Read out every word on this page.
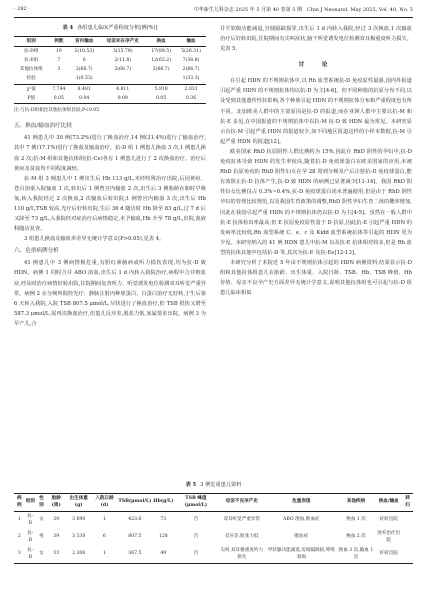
· 282 ·	中华新生儿科杂志 2025 年 5 月第 40 卷第 5 期　Chin J Neonatol, May 2025, Vol. 40, No. 5
表 4 各组患儿临床严重程度分析[例(%)]
组别	例数	宫内输血	母亲未在孕产史	换血	输血
抗-D组	19	2(10.53)	3(15.79)	17(89.5)	5(26.31)
抗-E组	7	0	2(11.8)	12(63.2)	7(36.8)
其他抗体组	3	2(66.7)	2(66.7)	2(66.7)	2(66.7)
检验		1(0.53)			1(33.3)
χ²值	7.744	8.481	4.811	5.918	2.031
P值	0.05	0.04	0.09	0.05	0.36
注:与抗-D组相比其他抗体组比较,P<0.05
五、换血/输血治疗比较

41 例患儿中 30 例(73.2%)进行了换血治疗,14 例(31.4%)进行了输血治疗,其中 7 例(17.1%)进行了换血及输血治疗。抗-D 组 1 例患儿换血 3 次,1 例患儿换血 2 次;抗-M 组和其他抗体组(抗-Ce)各有 1 例患儿进行了 2 次换血治疗。治疗后黄疸及贫血均不同程度减轻。

抗-M 组 3 例患儿中 1 例出生后 Hb 113 g/L,未经特殊治疗出院,后因黄疸、苍白加重入院输血 1 次,转出后 1 例曾宫内输血 2 次,出生后 3 例胎龄在胎时早吸氧,转入我院经过 2 次换血,2 次输血后转出院;1 例曾宫内输血 3 次,出生后 Hb 110 g/L,TSB 较高,光疗后好转出院,生后 36 d 随访时 Hb 降至 83 g/L,过 7 d 后又降至 73 g/L,入我院经对症治疗后病情稳定,未予输血,Hb 升至 78 g/L,出院,血液科随访复查。

3 组患儿换血及输血率差异无统计学意义(P>0.05),见表 4。

六、危重病例分析

41 例患儿中 3 例病情极危重,有胆红素脑病或听力损伤表现,均为抗-D 致 HDN。病例 1 同时合并 ABO 溶血,出生后 1 d 内转入我院治疗,病程中合并败血症,经及时治疗病情好转出院,住院期间复查听力、听觉诱发电位检测双耳听觉严重异常。病例 2 在分娩所院经光疗、静脉注射丙种球蛋白、白蛋白治疗无好转,于生后第 6 天转入我院,入院 TSB 807.5 μmol/L,尽快进行了换血治疗,但 TSB 很快又增至 587.3 μmol/L,需再次换血治疗,但患儿反应差,肌张力低,家属要求出院。病例 3 为早产儿,合

并平软腹功能减退,宫阔隔缺损等,出生后 1 d 内转入我院,经过 3 次换血,1 次输血治疗后好转出院,住院期间有尖叫症状,脑干听觉诱发电位检测双耳极重度听力损失。见表 5。

讨　论

在引起 HDN 的不规则抗体中,以 Rh 血型系统抗-D 免疫原性最强,国内外报道引起严重 HDN 的不规则抗体均以抗-D 为主[4-6]。但不同种族的抗原分布不同,以及受到其他遗传性状影响,各个种族引起 HDN 的不规则抗体分布和严重程度也有所不同。北加欧美人群中的主要原因是抗-D 的报道,而在亚洲人群中主要以抗-M 和抗-E 多见,在中国报道的不规则抗体中以抗-M 抗-D 致 HDN 最为常见。本研究显示有抗-M 引起严重 HDN 的报道较少,如不同地区报道这样的小样本数据,抗-M 引起严重 HDN 的报道[12]。

欧美国家 RhD 抗原阴性人群比例约为 15%,因此在 RhD 阴性的孕妇中,抗-D 免疫抗体导致 HDN 的发生率较高,随着抗-D 免疫球蛋白在欧美国家的应用,未被 RhD 抗原免疫的 RhD 阴性妇女在孕 28 周到分娩及产后注射抗-D 免疫球蛋白,能有效阻止抗-D 抗体产生,抗-D 致 HDN 的病例已显著减少[11-14]。我国 RhD 阴性妇女比例仅占 0.3%~0.4%,抗-D 免疫球蛋白尚未普遍使用,但是由于 RhD 阴性孕妇的管理比较规范,以及我国生育政策的调整,RhD 阴性孕妇生育二孩的概率增加,因此在我国引起严重 HDN 的不规则抗体仍以抗-D 为主[4-5]。虽然在一般人群中抗-E 抗体检出率最高,但 E 抗原免疫原性弱于 D 抗原,因此抗-E 引起严重 HDN 的发病率比较低,Rh 血型系统 C、e、c 及 Kidd 血型系统抗体等引起的 HDN 更为少见。本研究纳入的 41 例 HDN 患儿中抗-M 以及抗-E 抗体相对较多,但是 Rh 血型的抗体其他中包括抗-D 等,其次为抗-E 及抗-Ee[12-13]。

本研究分析了本院近 5 年由不规则抗体引起的 HDN 病例资料,结果显示抗-D 组和其他抗体组患儿在胎龄、出生体重、入院日龄、TSB、Hb、TSB 峰值、Hb 谷值、母亲不良孕产史方面差异无统计学意义,说明其他抗体组也可引起与抗-D 组患儿临床相似

表 5 3 例危重患儿资料
病例	组别	性别	胎龄(周)	出生体重(g)	入院日龄(d)	TSB(μmol/L)	Hb(g/L)	TSB 峰值(μmol/L)	母亲不良孕产史	危重表现	其他疾病	换血/输血	转归
1	抗-D	女	39	3 690	1	423.6	73	否	双耳听觉严重异常	ABO 溶血,败血症	换血 1 次	好转出院	
2	抗-D	男	39	3 330	6	807.5	128	否	反应差,肌张力低	败血症	换血 2 次	放弃治疗出院	
3	抗-D	女	33	2 200	1	367.5	49	否	尖叫,双耳极重度听力损失	甲状腺功能减退,房间隔缺损,呼吸衰竭	换血 3 次,输血 1 次	好转出院	
